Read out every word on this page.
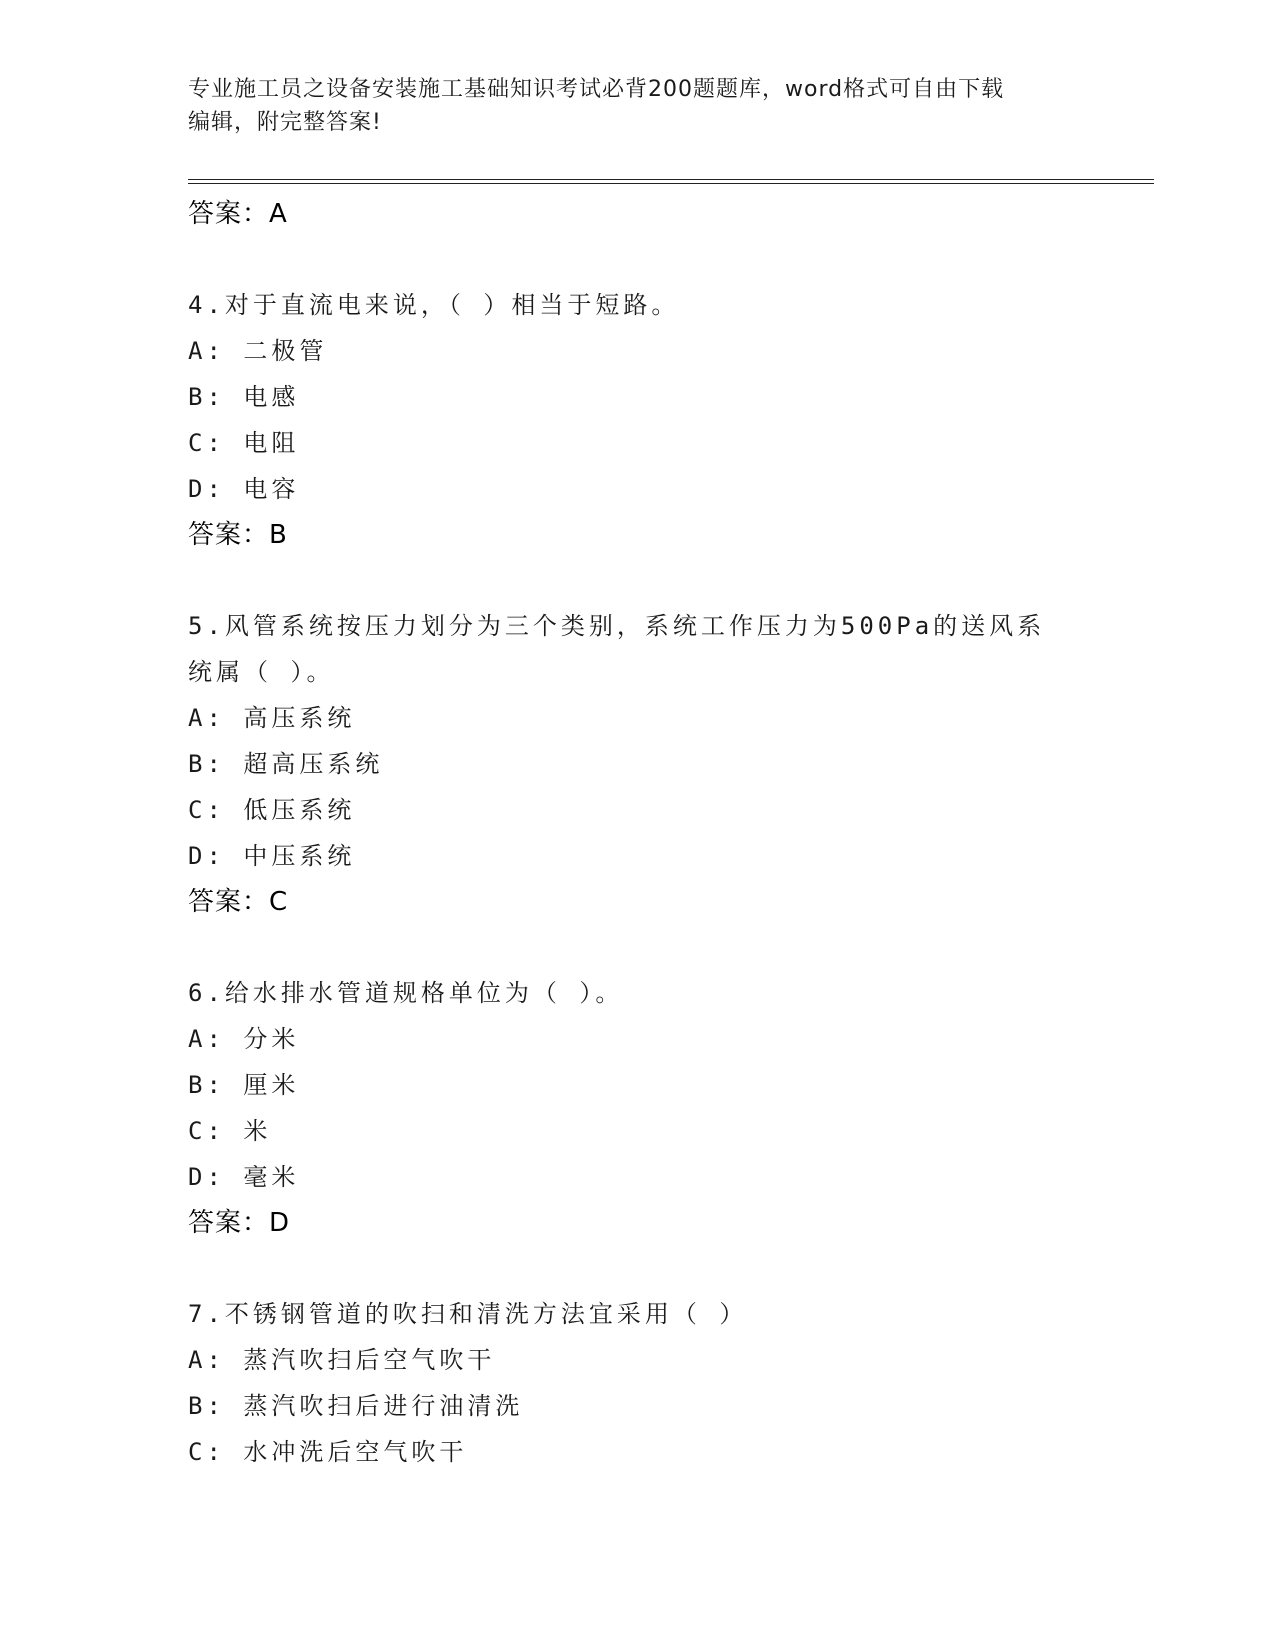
专业施工员之设备安装施工基础知识考试必背200题题库，word格式可自由下载
编辑，附完整答案!
答案：A
4.对于直流电来说，（ ）相当于短路。
A: 二极管
B: 电感
C: 电阻
D: 电容
答案：B
5.风管系统按压力划分为三个类别，系统工作压力为500Pa的送风系
统属（ ）。
A: 高压系统
B: 超高压系统
C: 低压系统
D: 中压系统
答案：C
6.给水排水管道规格单位为（ ）。
A: 分米
B: 厘米
C: 米
D: 毫米
答案：D
7.不锈钢管道的吹扫和清洗方法宜采用（ ）
A: 蒸汽吹扫后空气吹干
B: 蒸汽吹扫后进行油清洗
C: 水冲洗后空气吹干
